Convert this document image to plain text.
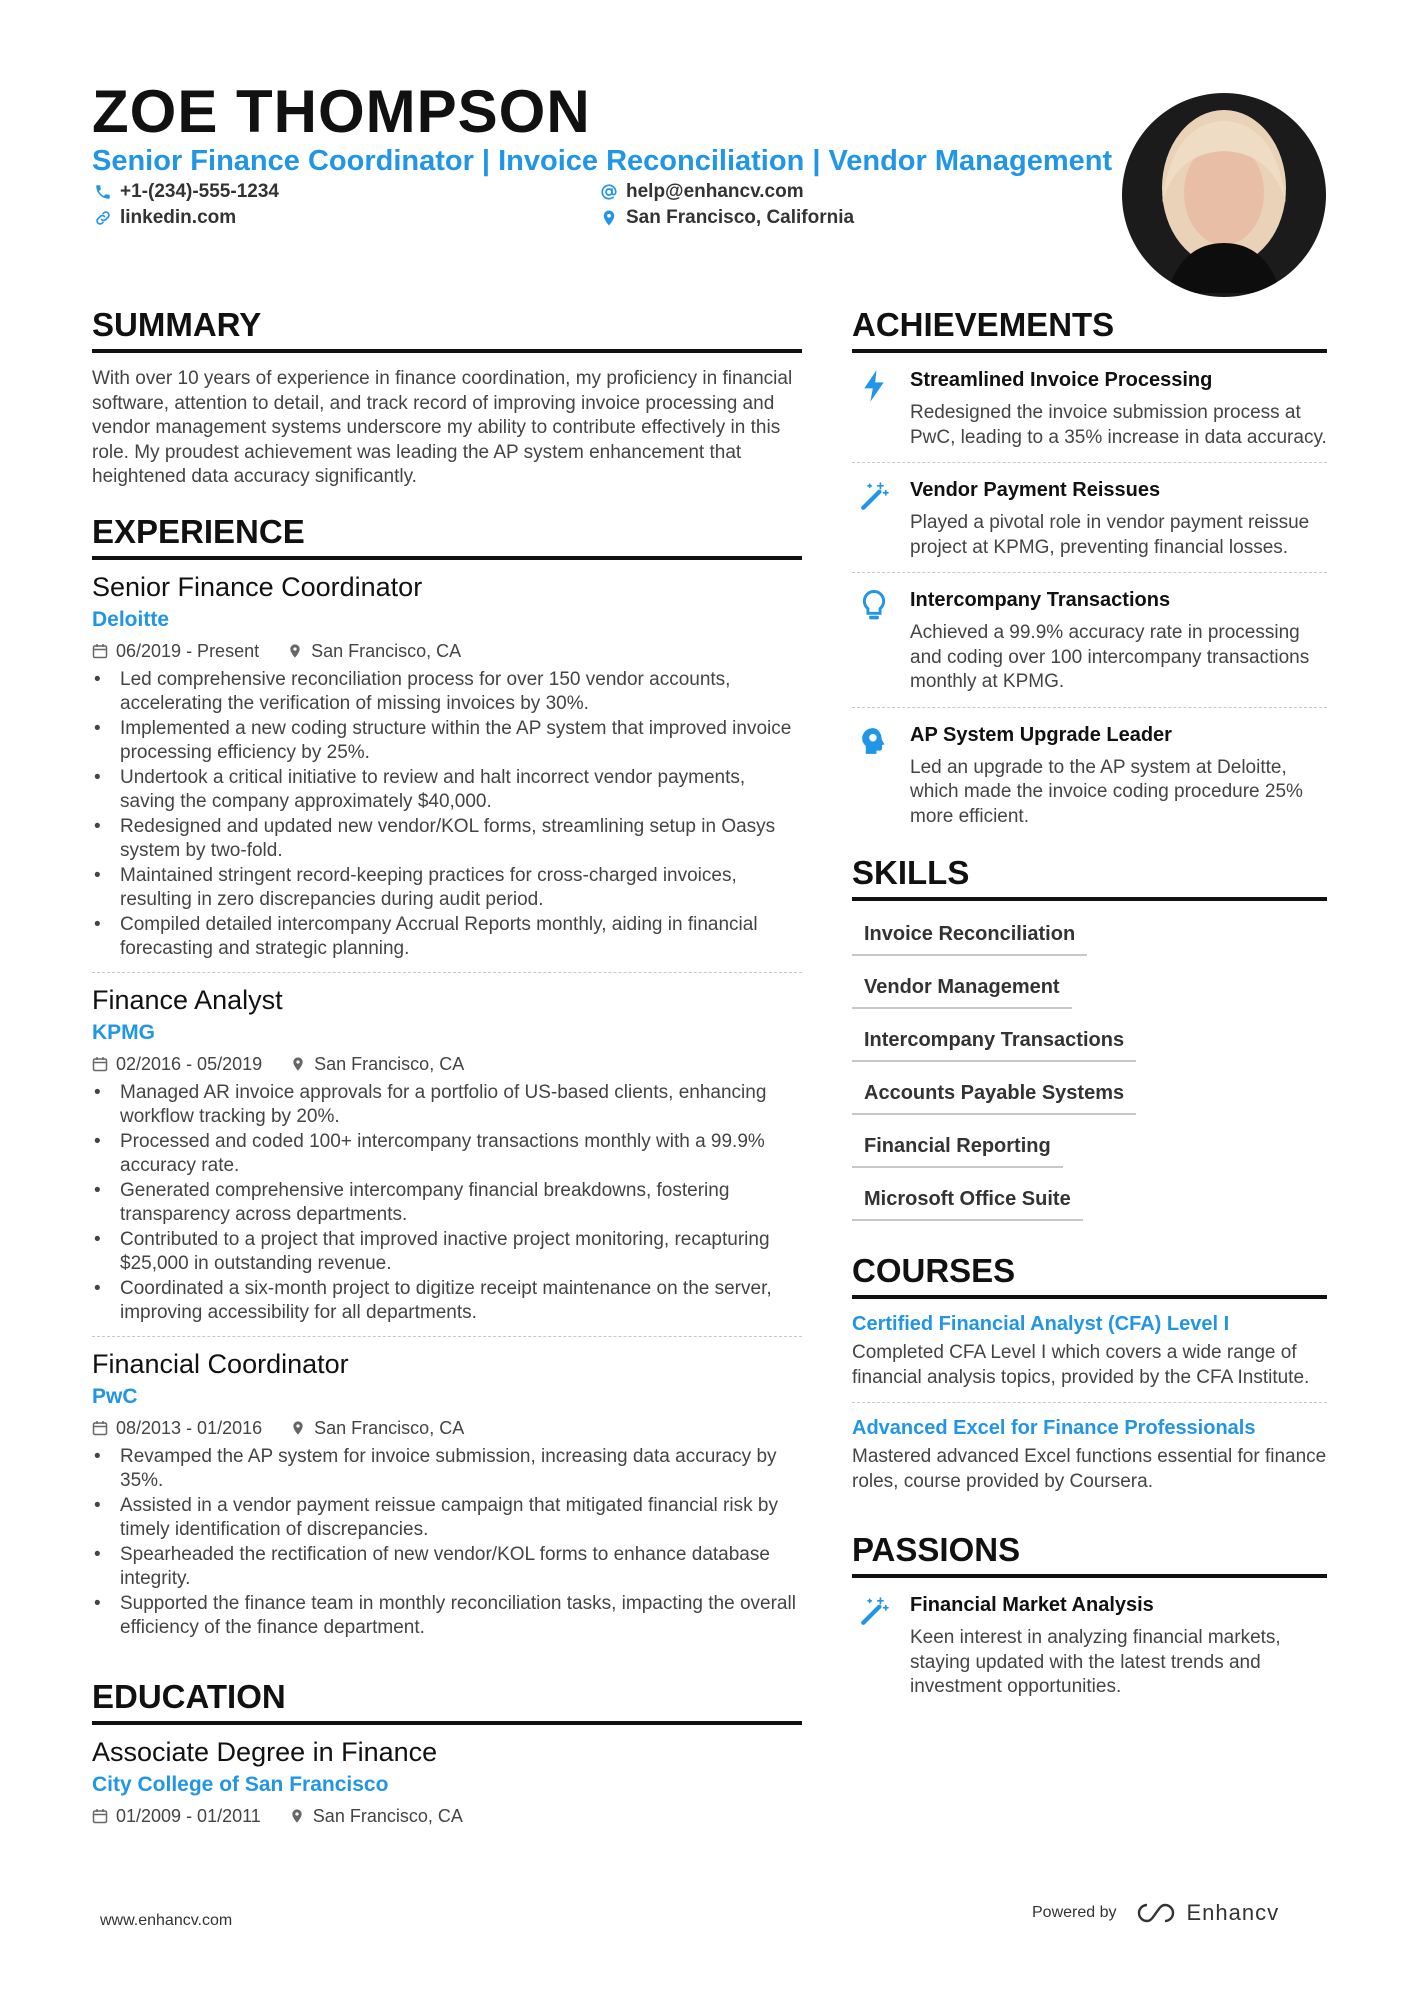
ZOE THOMPSON
Senior Finance Coordinator | Invoice Reconciliation | Vendor Management
+1-(234)-555-1234	help@enhancv.com
linkedin.com	San Francisco, California
SUMMARY
With over 10 years of experience in finance coordination, my proficiency in financial software, attention to detail, and track record of improving invoice processing and vendor management systems underscore my ability to contribute effectively in this role. My proudest achievement was leading the AP system enhancement that heightened data accuracy significantly.
EXPERIENCE
Senior Finance Coordinator
Deloitte
06/2019 - Present	San Francisco, CA
• Led comprehensive reconciliation process for over 150 vendor accounts, accelerating the verification of missing invoices by 30%.
• Implemented a new coding structure within the AP system that improved invoice processing efficiency by 25%.
• Undertook a critical initiative to review and halt incorrect vendor payments, saving the company approximately $40,000.
• Redesigned and updated new vendor/KOL forms, streamlining setup in Oasys system by two-fold.
• Maintained stringent record-keeping practices for cross-charged invoices, resulting in zero discrepancies during audit period.
• Compiled detailed intercompany Accrual Reports monthly, aiding in financial forecasting and strategic planning.
Finance Analyst
KPMG
02/2016 - 05/2019	San Francisco, CA
• Managed AR invoice approvals for a portfolio of US-based clients, enhancing workflow tracking by 20%.
• Processed and coded 100+ intercompany transactions monthly with a 99.9% accuracy rate.
• Generated comprehensive intercompany financial breakdowns, fostering transparency across departments.
• Contributed to a project that improved inactive project monitoring, recapturing $25,000 in outstanding revenue.
• Coordinated a six-month project to digitize receipt maintenance on the server, improving accessibility for all departments.
Financial Coordinator
PwC
08/2013 - 01/2016	San Francisco, CA
• Revamped the AP system for invoice submission, increasing data accuracy by 35%.
• Assisted in a vendor payment reissue campaign that mitigated financial risk by timely identification of discrepancies.
• Spearheaded the rectification of new vendor/KOL forms to enhance database integrity.
• Supported the finance team in monthly reconciliation tasks, impacting the overall efficiency of the finance department.
EDUCATION
Associate Degree in Finance
City College of San Francisco
01/2009 - 01/2011	San Francisco, CA
ACHIEVEMENTS
Streamlined Invoice Processing
Redesigned the invoice submission process at PwC, leading to a 35% increase in data accuracy.
Vendor Payment Reissues
Played a pivotal role in vendor payment reissue project at KPMG, preventing financial losses.
Intercompany Transactions
Achieved a 99.9% accuracy rate in processing and coding over 100 intercompany transactions monthly at KPMG.
AP System Upgrade Leader
Led an upgrade to the AP system at Deloitte, which made the invoice coding procedure 25% more efficient.
SKILLS
Invoice Reconciliation
Vendor Management
Intercompany Transactions
Accounts Payable Systems
Financial Reporting
Microsoft Office Suite
COURSES
Certified Financial Analyst (CFA) Level I
Completed CFA Level I which covers a wide range of financial analysis topics, provided by the CFA Institute.
Advanced Excel for Finance Professionals
Mastered advanced Excel functions essential for finance roles, course provided by Coursera.
PASSIONS
Financial Market Analysis
Keen interest in analyzing financial markets, staying updated with the latest trends and investment opportunities.
www.enhancv.com	Powered by	Enhancv
